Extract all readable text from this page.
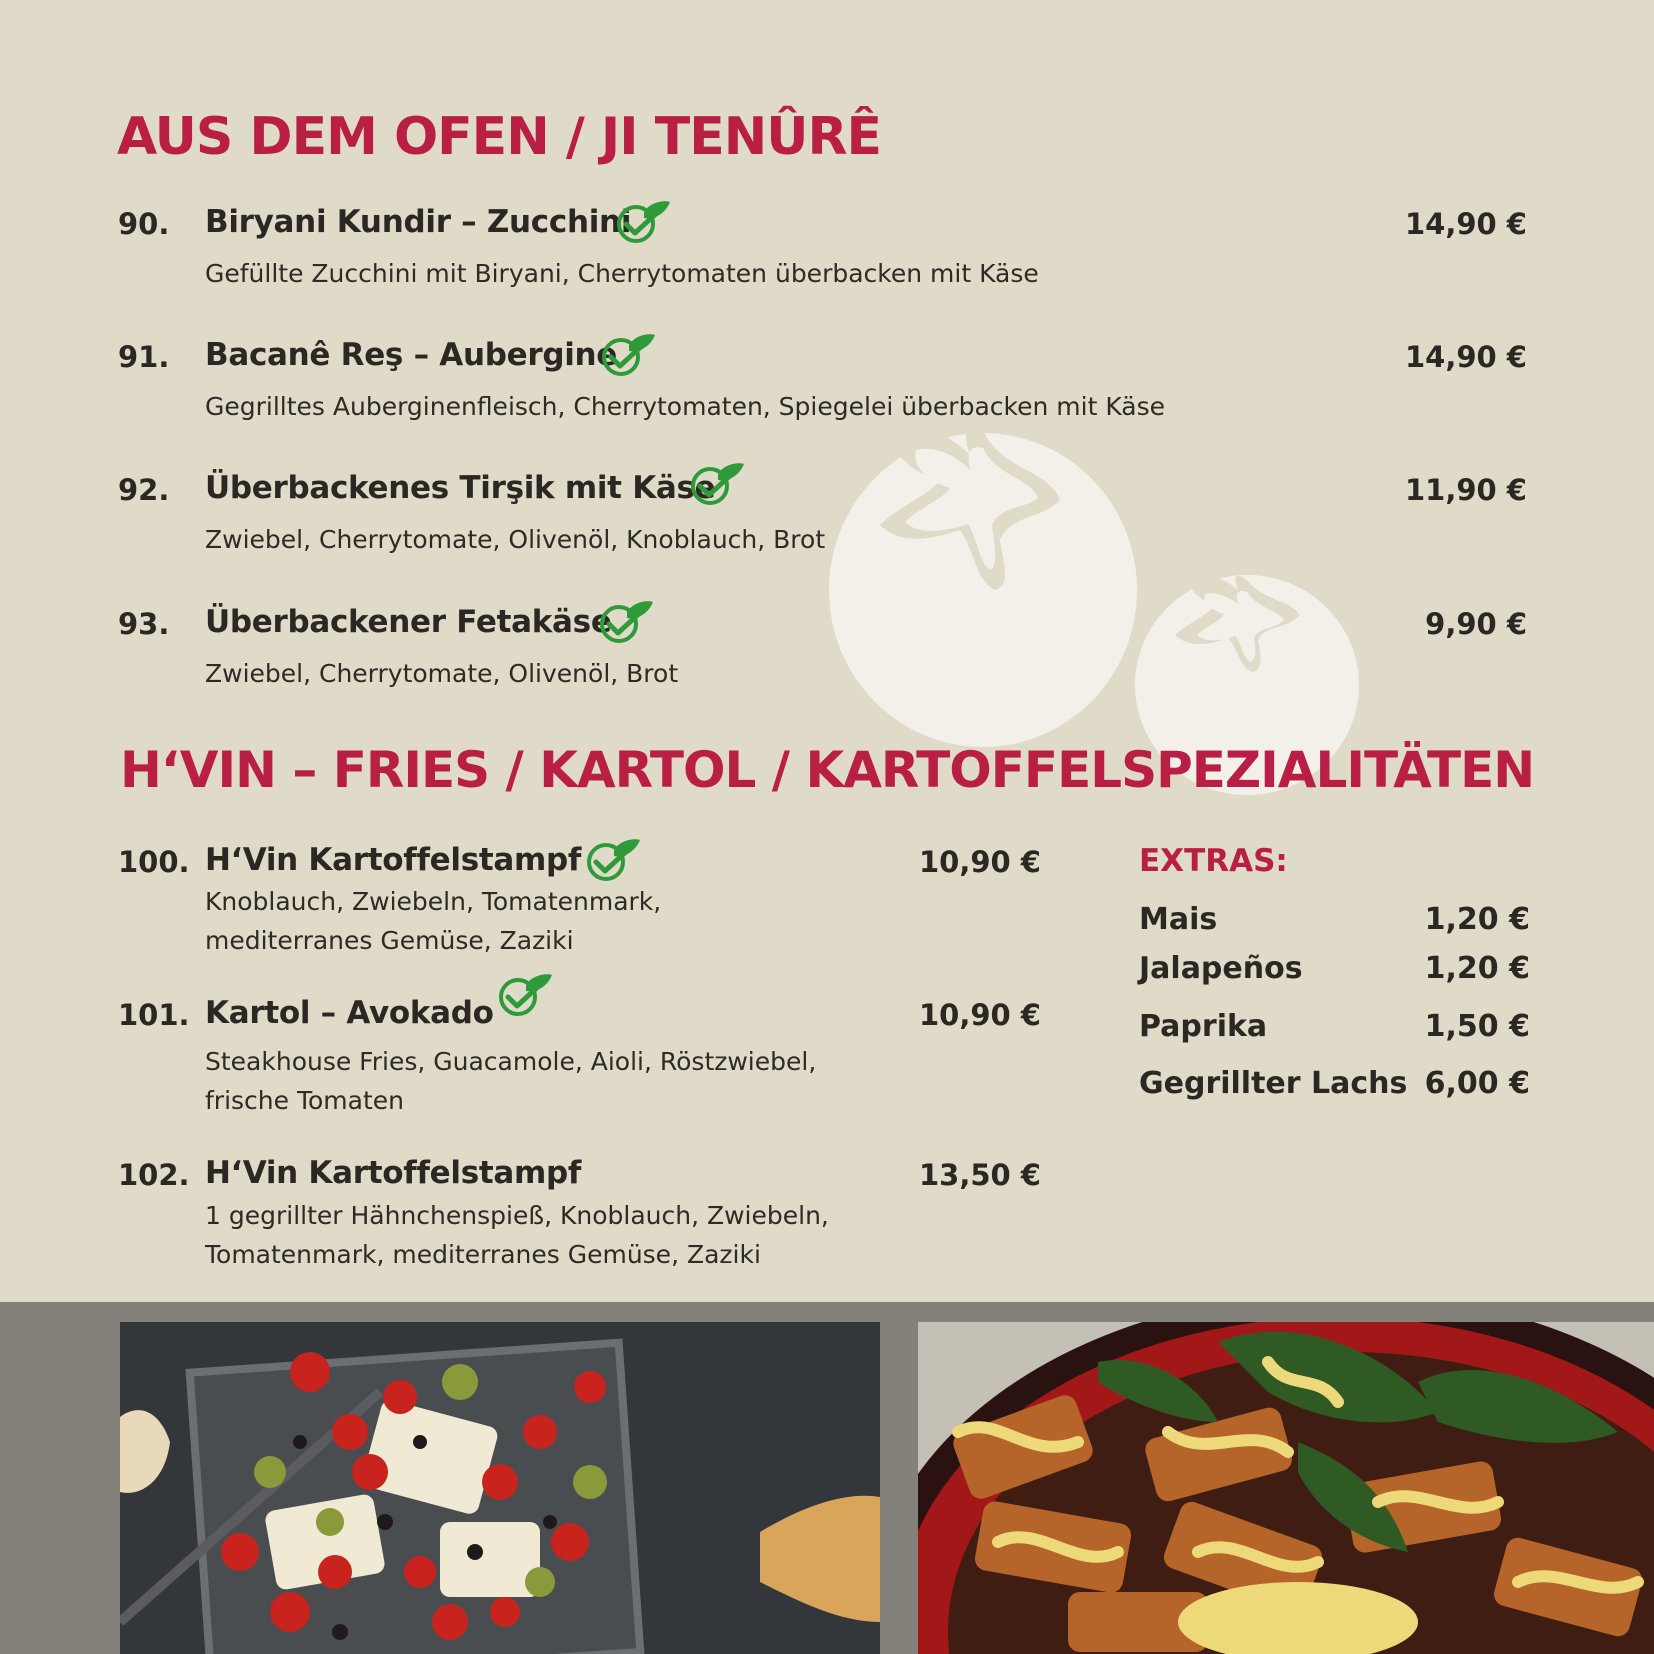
AUS DEM OFEN / JI TENÛRÊ
90. Biryani Kundir – Zucchini	14,90 €
Gefüllte Zucchini mit Biryani, Cherrytomaten überbacken mit Käse
91. Bacanê Reş – Aubergine	14,90 €
Gegrilltes Auberginenfleisch, Cherrytomaten, Spiegelei überbacken mit Käse
92. Überbackenes Tirşik mit Käse	11,90 €
Zwiebel, Cherrytomate, Olivenöl, Knoblauch, Brot
93. Überbackener Fetakäse	9,90 €
Zwiebel, Cherrytomate, Olivenöl, Brot
H‘VIN – FRIES / KARTOL / KARTOFFELSPEZIALITÄTEN
100. H‘Vin Kartoffelstampf	10,90 €
Knoblauch, Zwiebeln, Tomatenmark, mediterranes Gemüse, Zaziki
101. Kartol – Avokado	10,90 €
Steakhouse Fries, Guacamole, Aioli, Röstzwiebel, frische Tomaten
102. H‘Vin Kartoffelstampf	13,50 €
1 gegrillter Hähnchenspieß, Knoblauch, Zwiebeln, Tomatenmark, mediterranes Gemüse, Zaziki
EXTRAS:
Mais	1,20 €
Jalapeños	1,20 €
Paprika	1,50 €
Gegrillter Lachs 6,00 €
